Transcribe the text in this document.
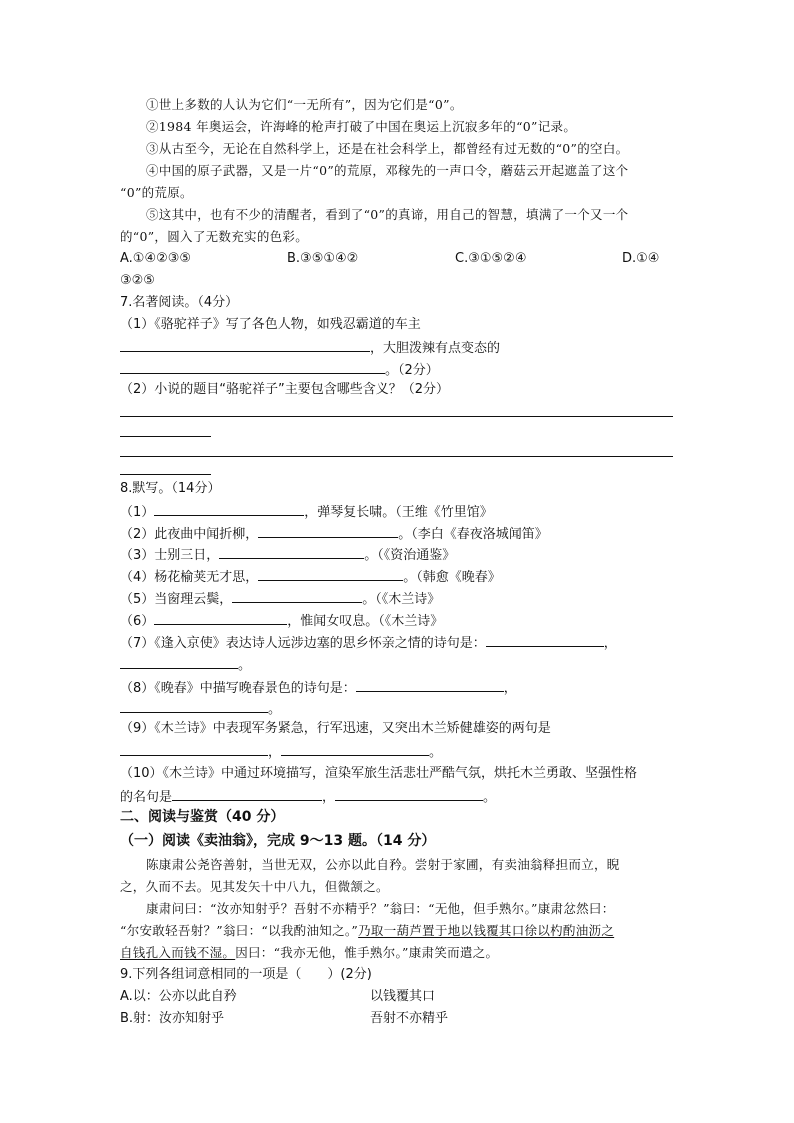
①世上多数的人认为它们“一无所有”，因为它们是“0”。
②1984 年奥运会，许海峰的枪声打破了中国在奥运上沉寂多年的“0”记录。
③从古至今，无论在自然科学上，还是在社会科学上，都曾经有过无数的“0”的空白。
④中国的原子武器，又是一片“0”的荒原，邓稼先的一声口令，蘑菇云开起遮盖了这个
“0”的荒原。
⑤这其中，也有不少的清醒者，看到了“0”的真谛，用自己的智慧，填满了一个又一个
的“0”，圆入了无数充实的色彩。
A.①④②③⑤	B.③⑤①④②	C.③①⑤②④	D.①④
③②⑤
7.名著阅读。（4分）
（1）《骆驼祥子》写了各色人物，如残忍霸道的车主
，大胆泼辣有点变态的
。（2分）
（2）小说的题目“骆驼祥子”主要包含哪些含义？（2分）
8.默写。（14分）
（1）	，弹琴复长啸。（王维《竹里馆》
（2）此夜曲中闻折柳，	。（李白《春夜洛城闻笛》
（3）士别三日，	。（《资治通鉴》
（4）杨花榆荚无才思，	。（韩愈《晚春》
（5）当窗理云鬓，	。（《木兰诗》
（6）	，惟闻女叹息。（《木兰诗》
（7）《逢入京使》表达诗人远涉边塞的思乡怀亲之情的诗句是：	，
。
（8）《晚春》中描写晚春景色的诗句是：	，
。
（9）《木兰诗》中表现军务紧急，行军迅速，又突出木兰矫健雄姿的两句是
，	。
（10）《木兰诗》中通过环境描写，渲染军旅生活悲壮严酷气氛，烘托木兰勇敢、坚强性格
的名句是	，	。
二、阅读与鉴赏（40 分）
（一）阅读《卖油翁》，完成 9～13 题。（14 分）
陈康肃公尧咨善射，当世无双，公亦以此自矜。尝射于家圃，有卖油翁释担而立，睨
之，久而不去。见其发矢十中八九，但微颔之。
康肃问曰：“汝亦知射乎？吾射不亦精乎？”翁曰：“无他，但手熟尔。”康肃忿然曰：
“尔安敢轻吾射？”翁曰：“以我酌油知之。”乃取一葫芦置于地以钱覆其口徐以杓酌油沥之
自钱孔入而钱不湿。因曰：“我亦无他，惟手熟尔。”康肃笑而遣之。
9.下列各组词意相同的一项是（　　）(2分)
A.以：公亦以此自矜	以钱覆其口
B.射：汝亦知射乎	吾射不亦精乎
